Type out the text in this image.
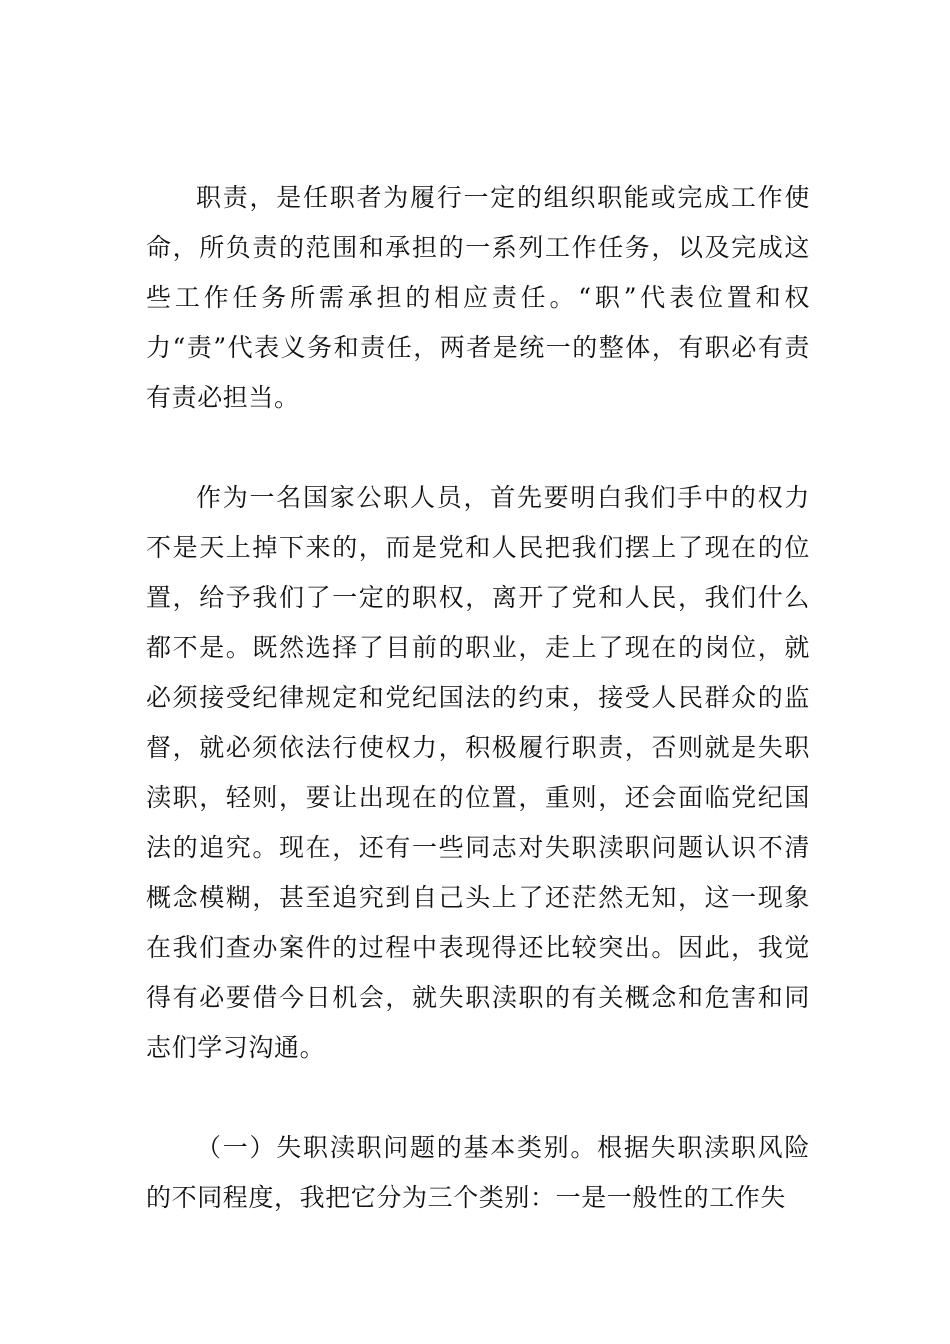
职责，是任职者为履行一定的组织职能或完成工作使命，所负责的范围和承担的一系列工作任务，以及完成这些工作任务所需承担的相应责任。“职”代表位置和权力“责”代表义务和责任，两者是统一的整体，有职必有责有责必担当。

作为一名国家公职人员，首先要明白我们手中的权力不是天上掉下来的，而是党和人民把我们摆上了现在的位置，给予我们了一定的职权，离开了党和人民，我们什么都不是。既然选择了目前的职业，走上了现在的岗位，就必须接受纪律规定和党纪国法的约束，接受人民群众的监督，就必须依法行使权力，积极履行职责，否则就是失职渎职，轻则，要让出现在的位置，重则，还会面临党纪国法的追究。现在，还有一些同志对失职渎职问题认识不清概念模糊，甚至追究到自己头上了还茫然无知，这一现象在我们查办案件的过程中表现得还比较突出。因此，我觉得有必要借今日机会，就失职渎职的有关概念和危害和同志们学习沟通。

（一）失职渎职问题的基本类别。根据失职渎职风险的不同程度，我把它分为三个类别：一是一般性的工作失
